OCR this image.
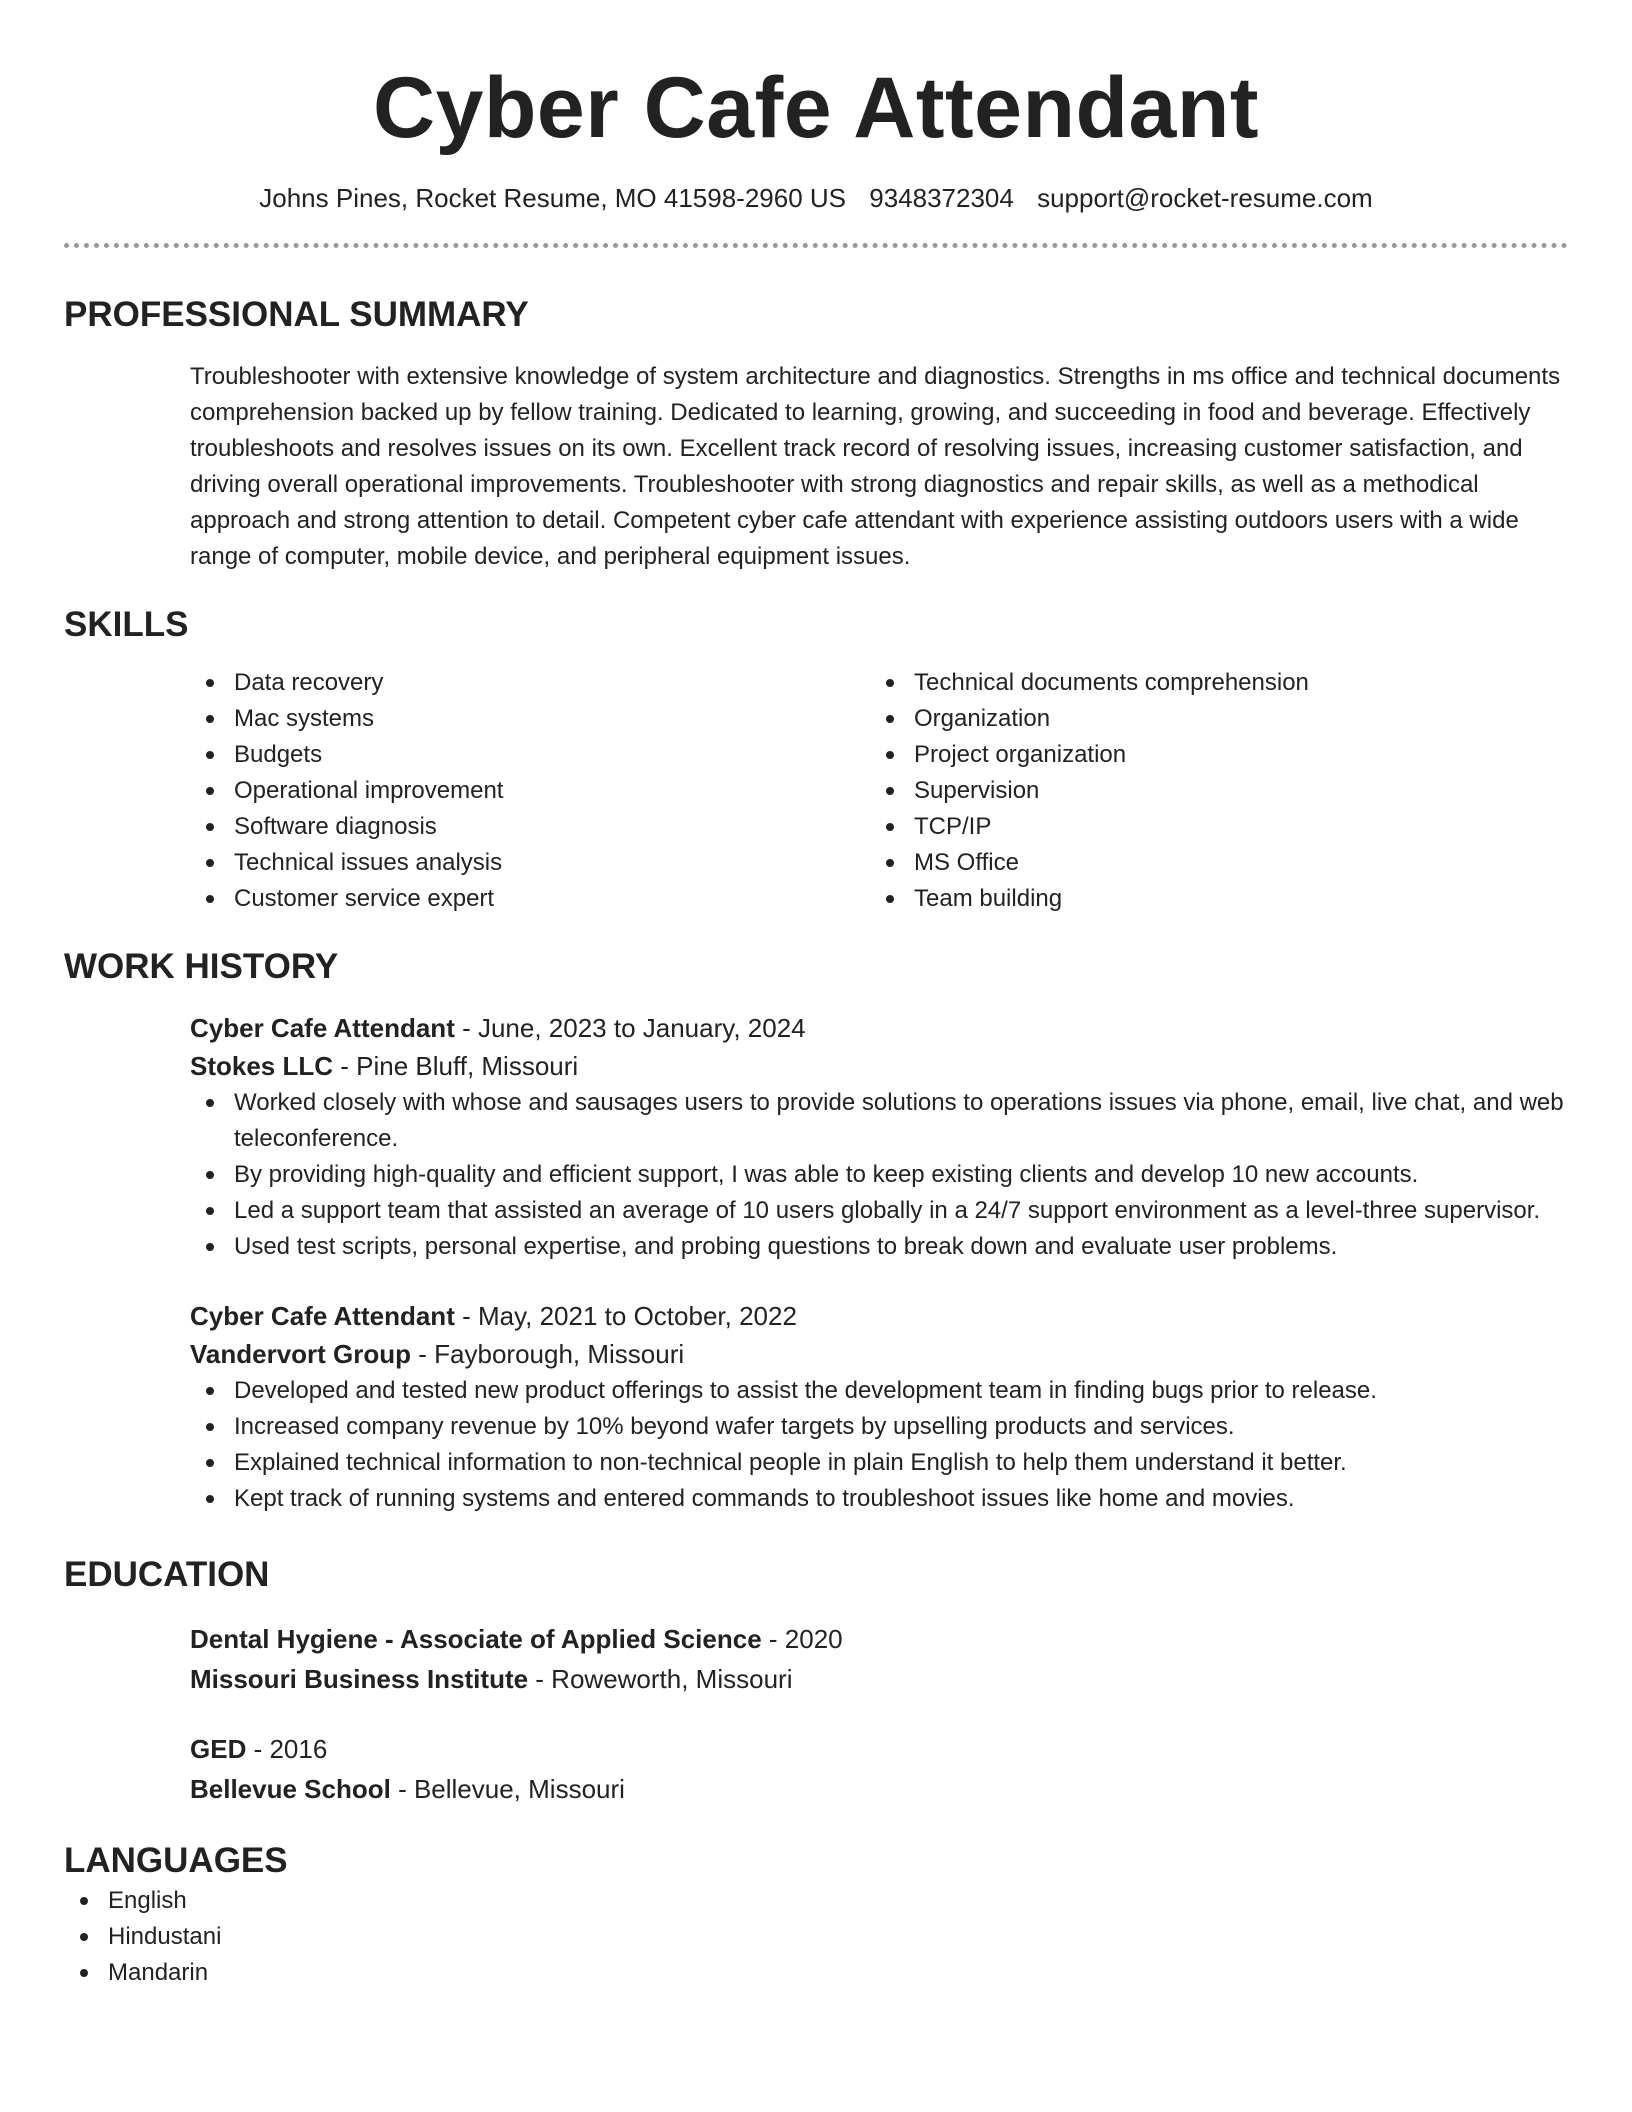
Cyber Cafe Attendant
Johns Pines, Rocket Resume, MO 41598-2960 US 9348372304 support@rocket-resume.com
PROFESSIONAL SUMMARY
Troubleshooter with extensive knowledge of system architecture and diagnostics. Strengths in ms office and technical documents comprehension backed up by fellow training. Dedicated to learning, growing, and succeeding in food and beverage. Effectively troubleshoots and resolves issues on its own. Excellent track record of resolving issues, increasing customer satisfaction, and driving overall operational improvements. Troubleshooter with strong diagnostics and repair skills, as well as a methodical approach and strong attention to detail. Competent cyber cafe attendant with experience assisting outdoors users with a wide range of computer, mobile device, and peripheral equipment issues.
SKILLS
Data recovery
Mac systems
Budgets
Operational improvement
Software diagnosis
Technical issues analysis
Customer service expert
Technical documents comprehension
Organization
Project organization
Supervision
TCP/IP
MS Office
Team building
WORK HISTORY
Cyber Cafe Attendant - June, 2023 to January, 2024
Stokes LLC - Pine Bluff, Missouri
Worked closely with whose and sausages users to provide solutions to operations issues via phone, email, live chat, and web teleconference.
By providing high-quality and efficient support, I was able to keep existing clients and develop 10 new accounts.
Led a support team that assisted an average of 10 users globally in a 24/7 support environment as a level-three supervisor.
Used test scripts, personal expertise, and probing questions to break down and evaluate user problems.
Cyber Cafe Attendant - May, 2021 to October, 2022
Vandervort Group - Fayborough, Missouri
Developed and tested new product offerings to assist the development team in finding bugs prior to release.
Increased company revenue by 10% beyond wafer targets by upselling products and services.
Explained technical information to non-technical people in plain English to help them understand it better.
Kept track of running systems and entered commands to troubleshoot issues like home and movies.
EDUCATION
Dental Hygiene - Associate of Applied Science - 2020
Missouri Business Institute - Roweworth, Missouri
GED - 2016
Bellevue School - Bellevue, Missouri
LANGUAGES
English
Hindustani
Mandarin
